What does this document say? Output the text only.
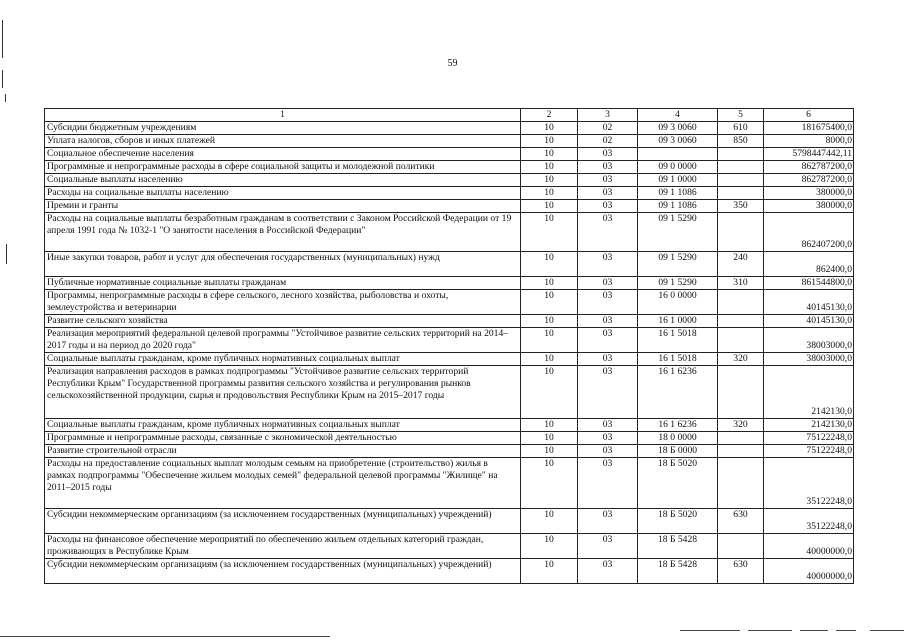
59
1	2	3	4	5	6
Субсидии бюджетным учреждениям	10	02	09 3 0060	610	181675400,0
Уплата налогов, сборов и иных платежей	10	02	09 3 0060	850	8000,0
Социальное обеспечение населения	10	03			5798447442,11
Программные и непрограммные расходы в сфере социальной защиты и молодежной политики	10	03	09 0 0000		862787200,0
Социальные выплаты населению	10	03	09 1 0000		862787200,0
Расходы на социальные выплаты населению	10	03	09 1 1086		380000,0
Премии и гранты	10	03	09 1 1086	350	380000,0
Расходы на социальные выплаты безработным гражданам в соответствии с Законом Российской Федерации от 19 апреля 1991 года № 1032-1 "О занятости населения в Российской Федерации"	10	03	09 1 5290		862407200,0
Иные закупки товаров, работ и услуг для обеспечения государственных (муниципальных) нужд	10	03	09 1 5290	240	862400,0
Публичные нормативные социальные выплаты гражданам	10	03	09 1 5290	310	861544800,0
Программы, непрограммные расходы в сфере сельского, лесного хозяйства, рыболовства и охоты, землеустройства и ветеринарии	10	03	16 0 0000		40145130,0
Развитие сельского хозяйства	10	03	16 1 0000		40145130,0
Реализация мероприятий федеральной целевой программы "Устойчивое развитие сельских территорий на 2014–2017 годы и на период до 2020 года"	10	03	16 1 5018		38003000,0
Социальные выплаты гражданам, кроме публичных нормативных социальных выплат	10	03	16 1 5018	320	38003000,0
Реализация направления расходов в рамках подпрограммы "Устойчивое развитие сельских территорий Республики Крым" Государственной программы развития сельского хозяйства и регулирования рынков сельскохозяйственной продукции, сырья и продовольствия Республики Крым на 2015–2017 годы	10	03	16 1 6236		2142130,0
Социальные выплаты гражданам, кроме публичных нормативных социальных выплат	10	03	16 1 6236	320	2142130,0
Программные и непрограммные расходы, связанные с экономической деятельностью	10	03	18 0 0000		75122248,0
Развитие строительной отрасли	10	03	18 Б 0000		75122248,0
Расходы на предоставление социальных выплат молодым семьям на приобретение (строительство) жилья в рамках подпрограммы "Обеспечение жильем молодых семей" федеральной целевой программы "Жилище" на 2011–2015 годы	10	03	18 Б 5020		35122248,0
Субсидии некоммерческим организациям (за исключением государственных (муниципальных) учреждений)	10	03	18 Б 5020	630	35122248,0
Расходы на финансовое обеспечение мероприятий по обеспечению жильем отдельных категорий граждан, проживающих в Республике Крым	10	03	18 Б 5428		40000000,0
Субсидии некоммерческим организациям (за исключением государственных (муниципальных) учреждений)	10	03	18 Б 5428	630	40000000,0
